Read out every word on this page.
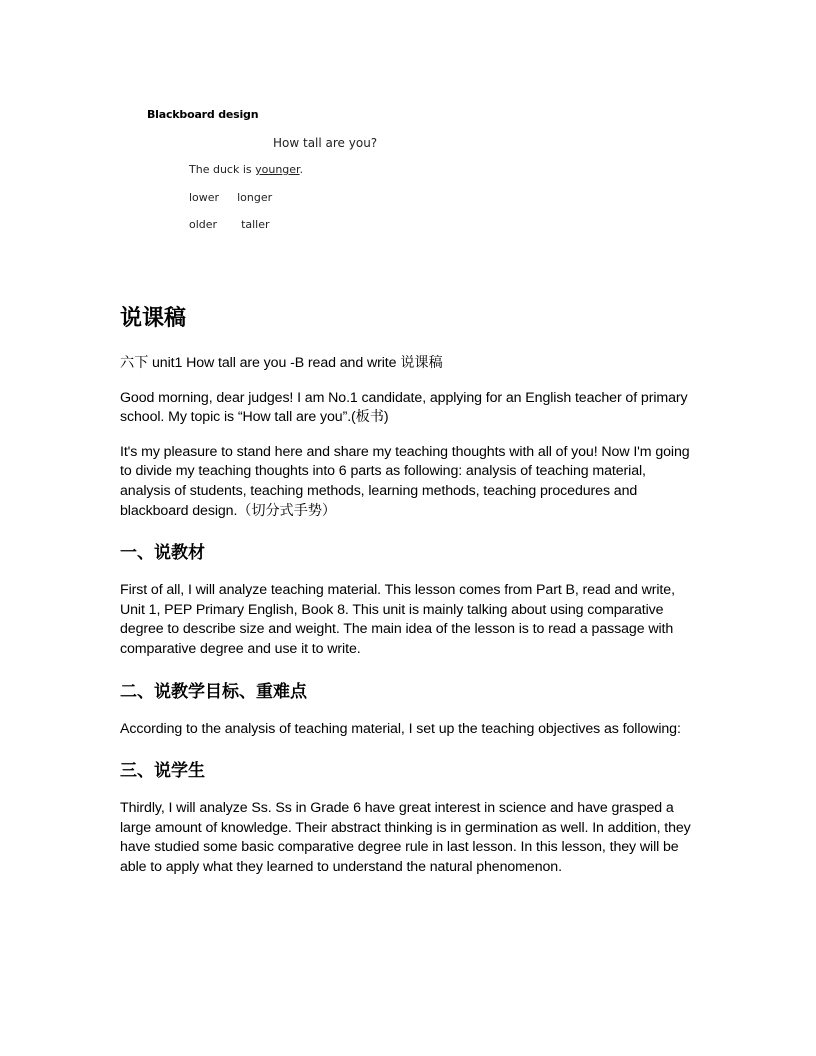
Blackboard design
How tall are you?
The duck is younger.
lower longer
older taller
说课稿

六下 unit1 How tall are you -B read and write 说课稿

Good morning, dear judges! I am No.1 candidate, applying for an English teacher of primary school. My topic is “How tall are you”.(板书)

It's my pleasure to stand here and share my teaching thoughts with all of you! Now I'm going to divide my teaching thoughts into 6 parts as following: analysis of teaching material, analysis of students, teaching methods, learning methods, teaching procedures and blackboard design.（切分式手势）

一、说教材

First of all, I will analyze teaching material. This lesson comes from Part B, read and write, Unit 1, PEP Primary English, Book 8. This unit is mainly talking about using comparative degree to describe size and weight. The main idea of the lesson is to read a passage with comparative degree and use it to write.

二、说教学目标、重难点

According to the analysis of teaching material, I set up the teaching objectives as following:

三、说学生

Thirdly, I will analyze Ss. Ss in Grade 6 have great interest in science and have grasped a large amount of knowledge. Their abstract thinking is in germination as well. In addition, they have studied some basic comparative degree rule in last lesson. In this lesson, they will be able to apply what they learned to understand the natural phenomenon.
